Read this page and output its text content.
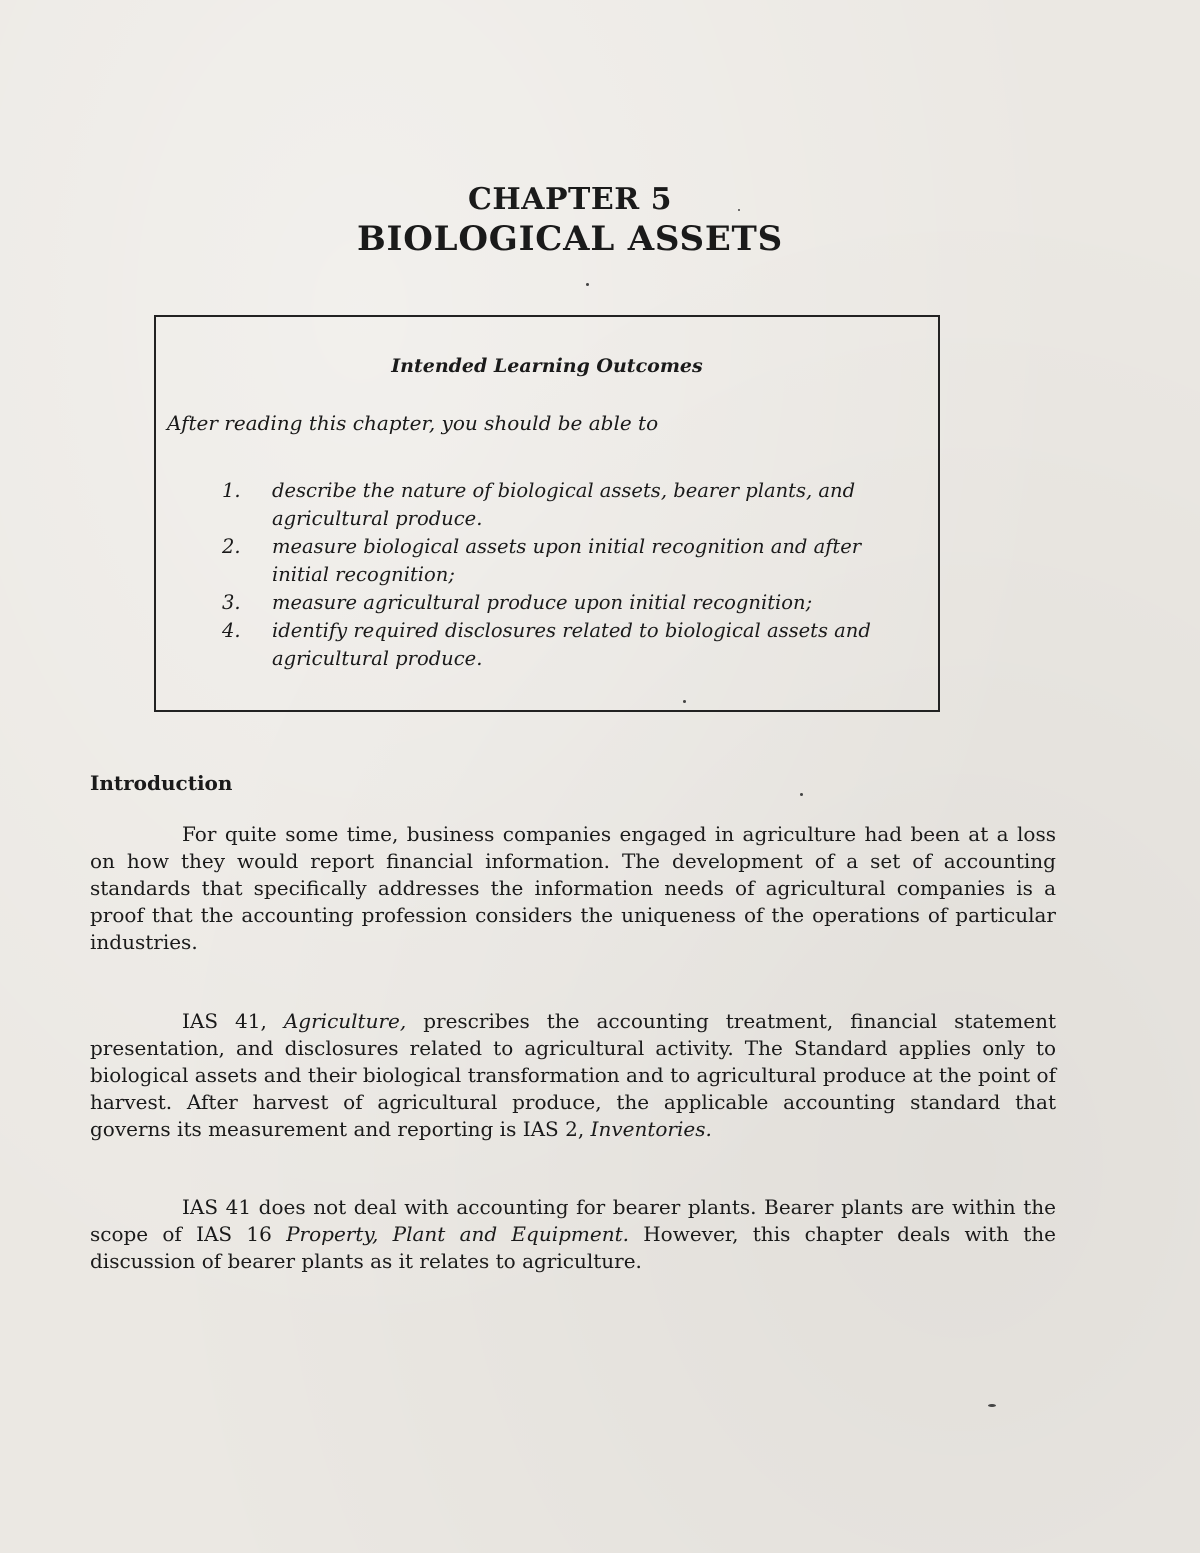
CHAPTER 5
BIOLOGICAL ASSETS
Intended Learning Outcomes
After reading this chapter, you should be able to
1. describe the nature of biological assets, bearer plants, and agricultural produce.
2. measure biological assets upon initial recognition and after initial recognition;
3. measure agricultural produce upon initial recognition;
4. identify required disclosures related to biological assets and agricultural produce.
Introduction

For quite some time, business companies engaged in agriculture had been at a loss on how they would report financial information. The development of a set of accounting standards that specifically addresses the information needs of agricultural companies is a proof that the accounting profession considers the uniqueness of the operations of particular industries.

IAS 41, Agriculture, prescribes the accounting treatment, financial statement presentation, and disclosures related to agricultural activity. The Standard applies only to biological assets and their biological transformation and to agricultural produce at the point of harvest. After harvest of agricultural produce, the applicable accounting standard that governs its measurement and reporting is IAS 2, Inventories.

IAS 41 does not deal with accounting for bearer plants. Bearer plants are within the scope of IAS 16 Property, Plant and Equipment. However, this chapter deals with the discussion of bearer plants as it relates to agriculture.
